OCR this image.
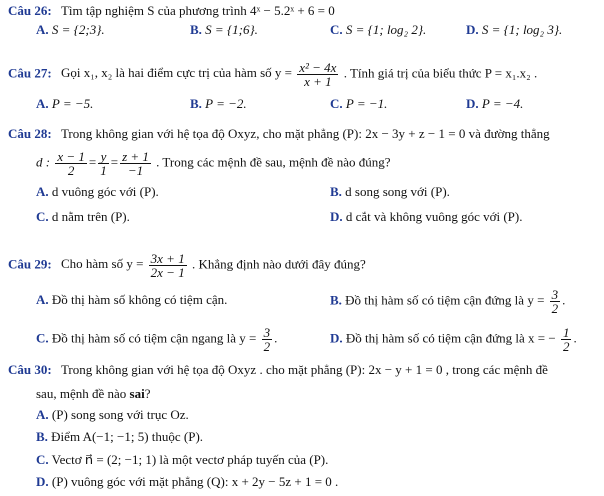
Câu 26: Tìm tập nghiệm S của phương trình 4ˣ − 5.2ˣ + 6 = 0
A. S = {2;3}.	B. S = {1;6}.	C. S = {1; log₂ 2}.	D. S = {1; log₂ 3}.
Câu 27: Gọi x₁, x₂ là hai điểm cực trị của hàm số $y = \frac{\text{x² − 4x}}{x + 1}$ . Tính giá trị của biểu thức P = x₁.x₂ .
A. P = −5.	B. P = −2.	C. P = −1.	D. P = −4.
Câu 28: Trong không gian với hệ tọa độ Oxyz, cho mặt phẳng (P): 2x − 3y + z − 1 = 0 và đường thẳng
d : $\frac{x - 1}{2} = \frac{y}{1} = \frac{z + 1}{-1}$ . Trong các mệnh đề sau, mệnh đề nào đúng?
A. d vuông góc với (P).	B. d song song với (P).
C. d nằm trên (P).	D. d cắt và không vuông góc với (P).
Câu 29: Cho hàm số $y = \frac{3x + 1}{2x - 1}$ . Khẳng định nào dưới đây đúng?
A. Đồ thị hàm số không có tiệm cận.	B. Đồ thị hàm số có tiệm cận đứng là $y = \frac{3}{2}$ .
C. Đồ thị hàm số có tiệm cận ngang là $y = \frac{3}{2}$ .	D. Đồ thị hàm số có tiệm cận đứng là x = − $\frac{1}{2}$ .
Câu 30: Trong không gian với hệ tọa độ Oxyz . cho mặt phẳng (P): 2x − y + 1 = 0 , trong các mệnh đề
sau, mệnh đề nào sai?
A. (P) song song với trục Oz.
B. Điểm A(−1; −1; 5) thuộc (P).
C. Vectơ n⃗ = (2; −1; 1) là một vectơ pháp tuyến của (P).
D. (P) vuông góc với mặt phẳng (Q): x + 2y − 5z + 1 = 0 .
